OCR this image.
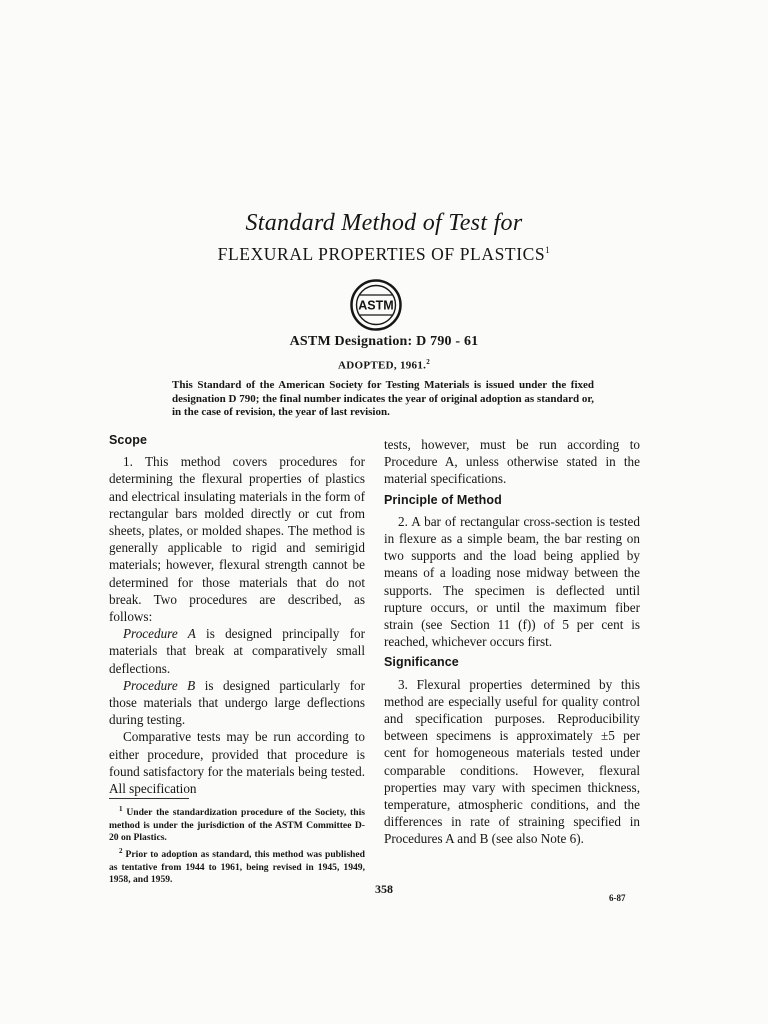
Standard Method of Test for
FLEXURAL PROPERTIES OF PLASTICS$^1$
ASTM
ASTM Designation: D 790 - 61
ADOPTED, 1961.$^2$
This Standard of the American Society for Testing Materials is issued under the fixed designation D 790; the final number indicates the year of original adoption as standard or, in the case of revision, the year of last revision.
Scope

1. This method covers procedures for determining the flexural properties of plastics and electrical insulating materials in the form of rectangular bars molded directly or cut from sheets, plates, or molded shapes. The method is generally applicable to rigid and semirigid materials; however, flexural strength cannot be determined for those materials that do not break. Two procedures are described, as follows:

Procedure A is designed principally for materials that break at comparatively small deflections.

Procedure B is designed particularly for those materials that undergo large deflections during testing.

Comparative tests may be run according to either procedure, provided that procedure is found satisfactory for the materials being tested. All specification

tests, however, must be run according to Procedure A, unless otherwise stated in the material specifications.

Principle of Method

2. A bar of rectangular cross-section is tested in flexure as a simple beam, the bar resting on two supports and the load being applied by means of a loading nose midway between the supports. The specimen is deflected until rupture occurs, or until the maximum fiber strain (see Section 11 (f)) of 5 per cent is reached, whichever occurs first.

Significance

3. Flexural properties determined by this method are especially useful for quality control and specification purposes. Reproducibility between specimens is approximately ±5 per cent for homogeneous materials tested under comparable conditions. However, flexural properties may vary with specimen thickness, temperature, atmospheric conditions, and the differences in rate of straining specified in Procedures A and B (see also Note 6).

$^1$ Under the standardization procedure of the Society, this method is under the jurisdiction of the ASTM Committee D-20 on Plastics.

$^2$ Prior to adoption as standard, this method was published as tentative from 1944 to 1961, being revised in 1945, 1949, 1958, and 1959.

358
6-87
